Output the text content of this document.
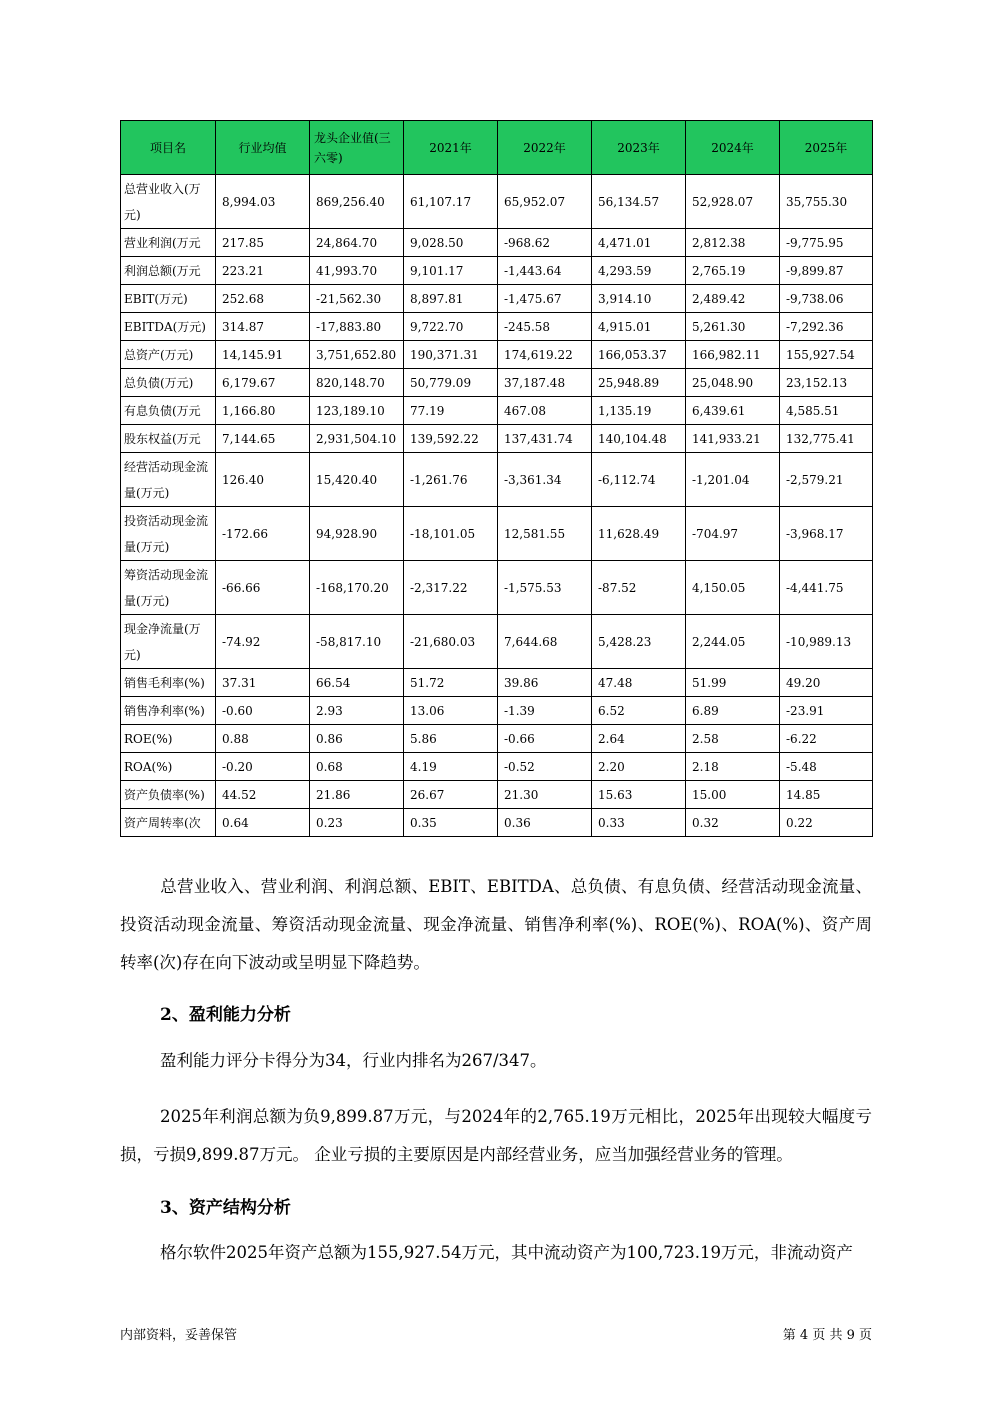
项目名	行业均值	龙头企业值(三六零)	2021年	2022年	2023年	2024年	2025年
总营业收入(万元)	8,994.03	869,256.40	61,107.17	65,952.07	56,134.57	52,928.07	35,755.30
营业利润(万元	217.85	24,864.70	9,028.50	-968.62	4,471.01	2,812.38	-9,775.95
利润总额(万元	223.21	41,993.70	9,101.17	-1,443.64	4,293.59	2,765.19	-9,899.87
EBIT(万元)	252.68	-21,562.30	8,897.81	-1,475.67	3,914.10	2,489.42	-9,738.06
EBITDA(万元)	314.87	-17,883.80	9,722.70	-245.58	4,915.01	5,261.30	-7,292.36
总资产(万元)	14,145.91	3,751,652.80	190,371.31	174,619.22	166,053.37	166,982.11	155,927.54
总负债(万元)	6,179.67	820,148.70	50,779.09	37,187.48	25,948.89	25,048.90	23,152.13
有息负债(万元	1,166.80	123,189.10	77.19	467.08	1,135.19	6,439.61	4,585.51
股东权益(万元	7,144.65	2,931,504.10	139,592.22	137,431.74	140,104.48	141,933.21	132,775.41
经营活动现金流量(万元)	126.40	15,420.40	-1,261.76	-3,361.34	-6,112.74	-1,201.04	-2,579.21
投资活动现金流量(万元)	-172.66	94,928.90	-18,101.05	12,581.55	11,628.49	-704.97	-3,968.17
筹资活动现金流量(万元)	-66.66	-168,170.20	-2,317.22	-1,575.53	-87.52	4,150.05	-4,441.75
现金净流量(万元)	-74.92	-58,817.10	-21,680.03	7,644.68	5,428.23	2,244.05	-10,989.13
销售毛利率(%)	37.31	66.54	51.72	39.86	47.48	51.99	49.20
销售净利率(%)	-0.60	2.93	13.06	-1.39	6.52	6.89	-23.91
ROE(%)	0.88	0.86	5.86	-0.66	2.64	2.58	-6.22
ROA(%)	-0.20	0.68	4.19	-0.52	2.20	2.18	-5.48
资产负债率(%)	44.52	21.86	26.67	21.30	15.63	15.00	14.85
资产周转率(次	0.64	0.23	0.35	0.36	0.33	0.32	0.22

总营业收入、营业利润、利润总额、EBIT、EBITDA、总负债、有息负债、经营活动现金流量、投资活动现金流量、筹资活动现金流量、现金净流量、销售净利率(%)、ROE(%)、ROA(%)、资产周转率(次)存在向下波动或呈明显下降趋势。

2、盈利能力分析

盈利能力评分卡得分为34，行业内排名为267/347。

2025年利润总额为负9,899.87万元，与2024年的2,765.19万元相比，2025年出现较大幅度亏损，亏损9,899.87万元。 企业亏损的主要原因是内部经营业务，应当加强经营业务的管理。

3、资产结构分析

格尔软件2025年资产总额为155,927.54万元，其中流动资产为100,723.19万元，非流动资产

内部资料，妥善保管	第 4 页 共 9 页
